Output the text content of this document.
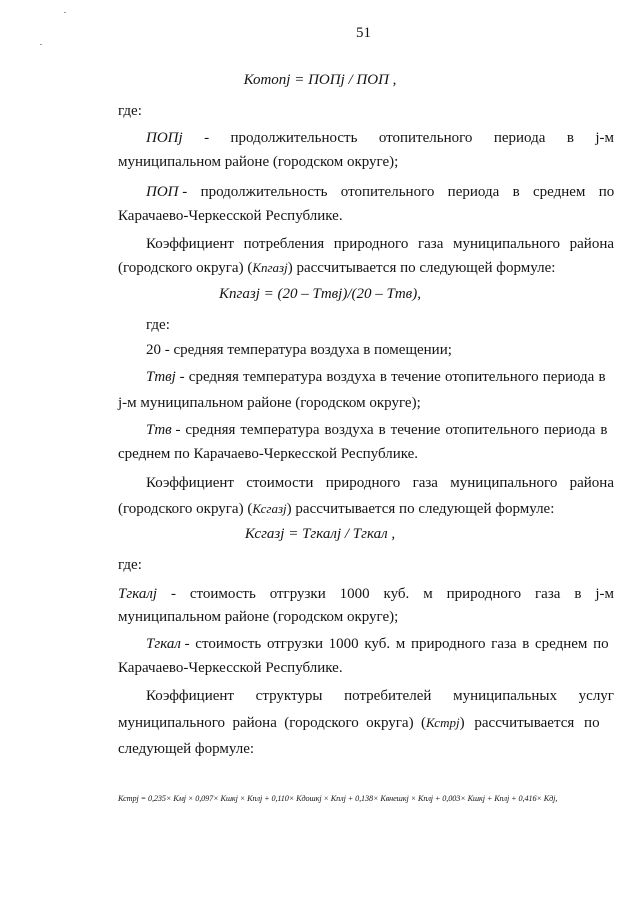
51
Котопj = ПОПj / ПОП ,
где:
ПОПj - продолжительность отопительного периода в j-м
муниципальном районе (городском округе);
ПОП - продолжительность отопительного периода в среднем по
Карачаево-Черкесской Республике.
Коэффициент потребления природного газа муниципального района
(городского округа) (Кпгазj) рассчитывается по следующей формуле:
Кпгазj = (20 – Ттвj)/(20 – Ттв),
где:
20 - средняя температура воздуха в помещении;
Ттвj - средняя температура воздуха в течение отопительного периода в
j-м муниципальном районе (городском округе);
Ттв - средняя температура воздуха в течение отопительного периода в
среднем по Карачаево-Черкесской Республике.
Коэффициент стоимости природного газа муниципального района
(городского округа) (Ксгазj) рассчитывается по следующей формуле:
Ксгазj = Тгкалj / Тгкал ,
где:
Тгкалj - стоимость отгрузки 1000 куб. м природного газа в j-м
муниципальном районе (городском округе);
Тгкал - стоимость отгрузки 1000 куб. м природного газа в среднем по
Карачаево-Черкесской Республике.
Коэффициент структуры потребителей муниципальных услуг
муниципального района (городского округа) (Кстрj) рассчитывается по
следующей формуле:
Кстрj = 0,235× Кмj × 0,097× Кшкj × Кплj + 0,110× Кдошкj × Кплj + 0,138× Квнешкj × Кплj + 0,003× Кшкj + Кплj + 0,416× Кдj,
